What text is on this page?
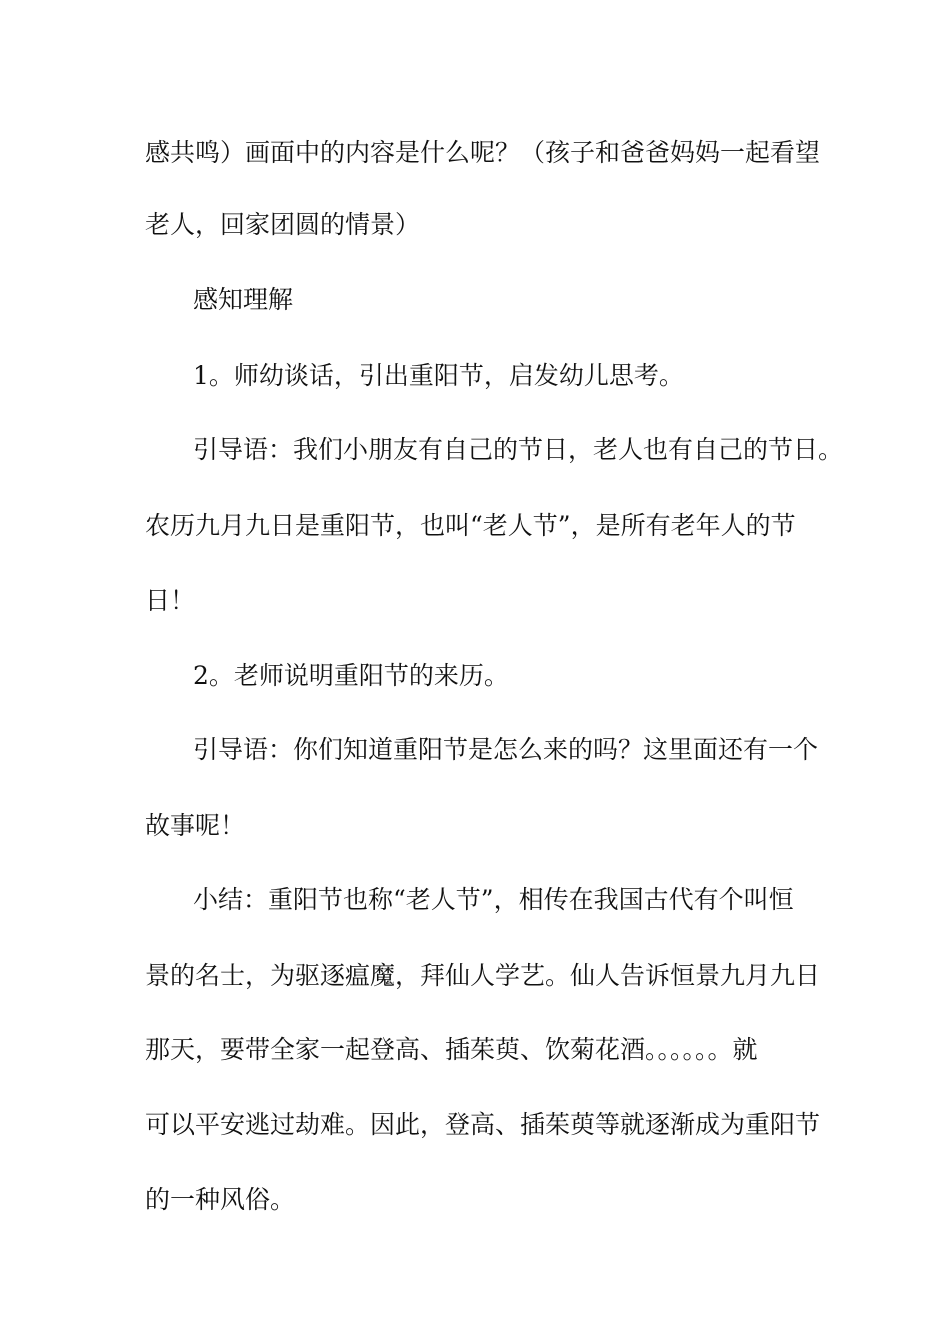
感共鸣）画面中的内容是什么呢？（孩子和爸爸妈妈一起看望
老人，回家团圆的情景）
感知理解
1。师幼谈话，引出重阳节，启发幼儿思考。
引导语：我们小朋友有自己的节日，老人也有自己的节日。
农历九月九日是重阳节，也叫“老人节”，是所有老年人的节
日！
2。老师说明重阳节的来历。
引导语：你们知道重阳节是怎么来的吗？这里面还有一个
故事呢！
小结：重阳节也称“老人节”，相传在我国古代有个叫恒
景的名士，为驱逐瘟魔，拜仙人学艺。仙人告诉恒景九月九日
那天，要带全家一起登高、插茱萸、饮菊花酒。。。。。。就
可以平安逃过劫难。因此，登高、插茱萸等就逐渐成为重阳节
的一种风俗。
